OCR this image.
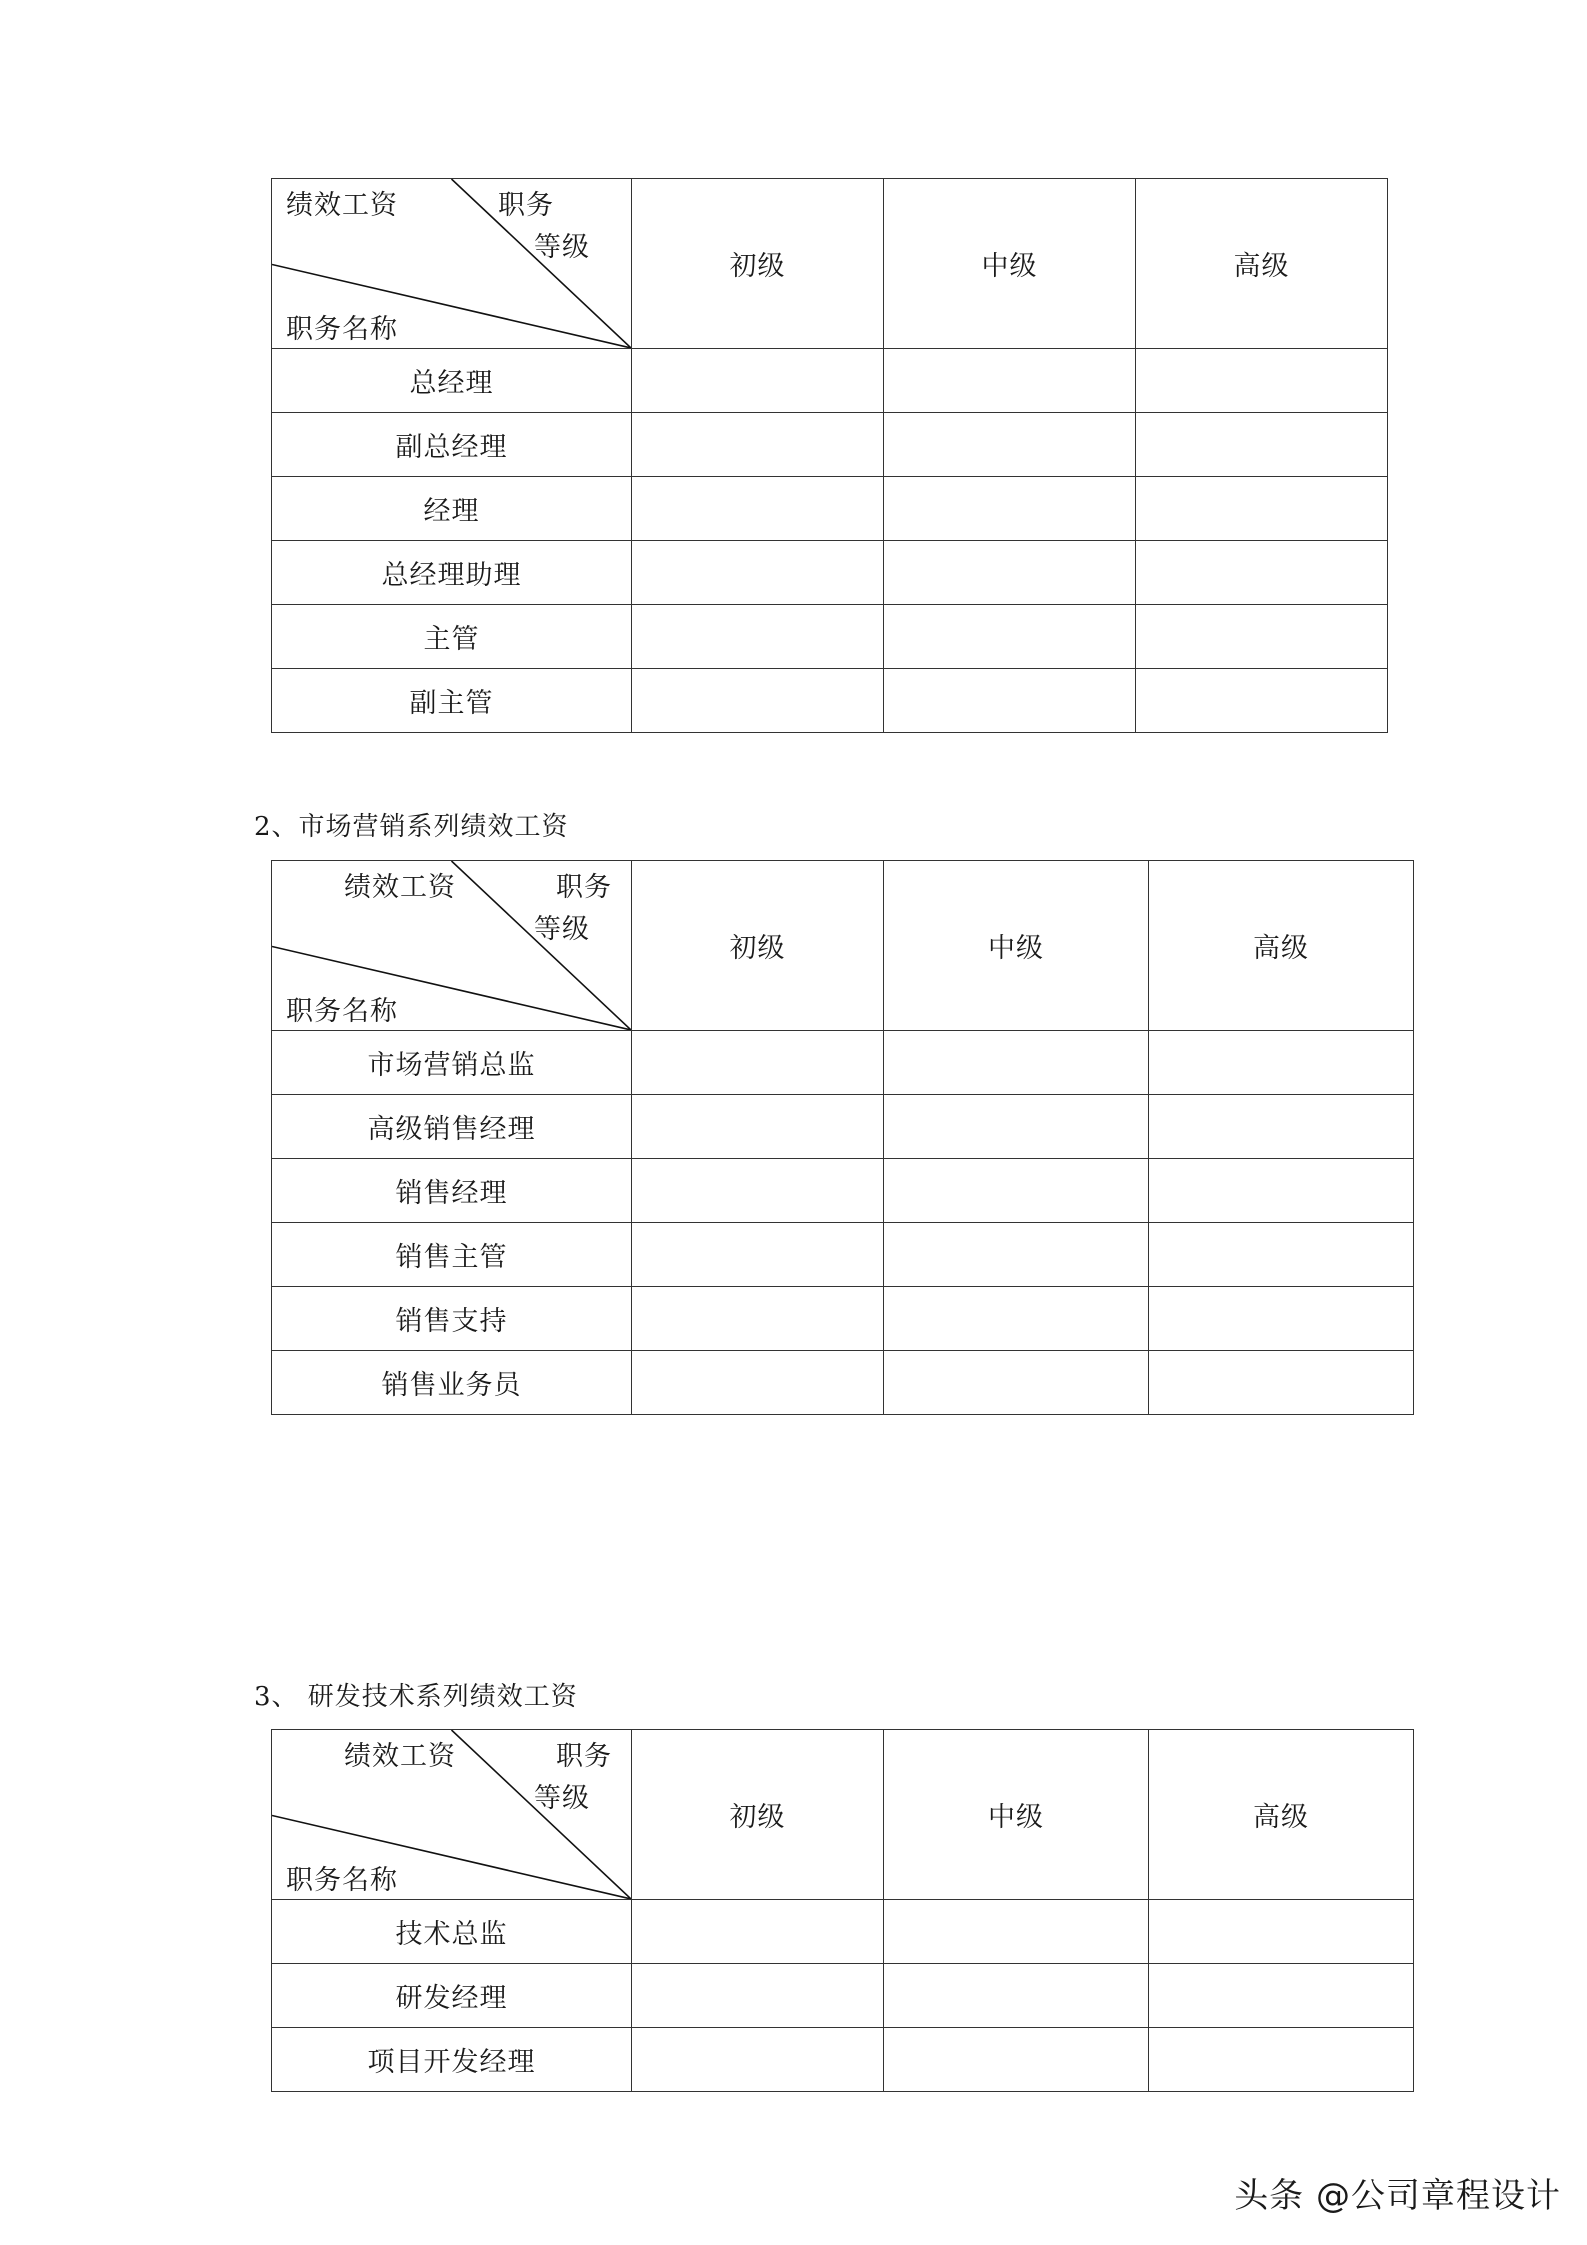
绩效工资 职务
等级
职务名称	初级	中级	高级
总经理			
副总经理			
经理			
总经理助理			
主管			
副主管			
2、市场营销系列绩效工资
绩效工资 职务
等级
职务名称	初级	中级	高级
市场营销总监			
高级销售经理			
销售经理			
销售主管			
销售支持			
销售业务员			
3、 研发技术系列绩效工资
绩效工资 职务
等级
职务名称	初级	中级	高级
技术总监			
研发经理			
项目开发经理			
头条 @公司章程设计
